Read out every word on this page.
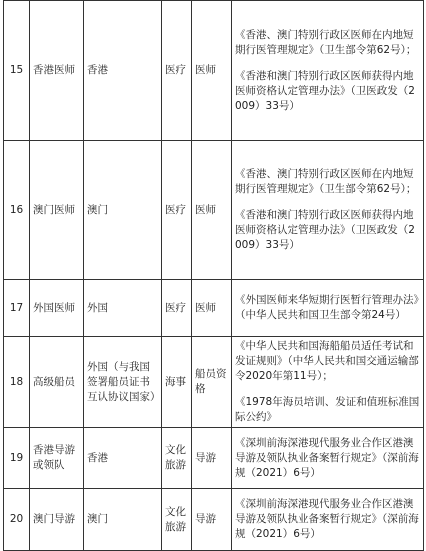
15	香港医师	香港	医疗	医师	《香港、澳门特别行政区医师在内地短期行医管理规定》（卫生部令第62号）；

《香港和澳门特别行政区医师获得内地医师资格认定管理办法》（卫医政发（2009）33号）

16	澳门医师	澳门	医疗	医师	《香港、澳门特别行政区医师在内地短期行医管理规定》（卫生部令第62号）；

《香港和澳门特别行政区医师获得内地医师资格认定管理办法》（卫医政发（2009）33号）

17	外国医师	外国	医疗	医师	《外国医师来华短期行医暂行管理办法》（中华人民共和国卫生部令第24号）

18	高级船员	外国（与我国签署船员证书互认协议国家）	海事	船员资格	《中华人民共和国海船船员适任考试和发证规则》（中华人民共和国交通运输部令2020年第11号）；

《1978年海员培训、发证和值班标准国际公约》

19	香港导游或领队	香港	文化旅游	导游	《深圳前海深港现代服务业合作区港澳导游及领队执业备案暂行规定》（深前海规（2021）6号）

20	澳门导游	澳门	文化旅游	导游	《深圳前海深港现代服务业合作区港澳导游及领队执业备案暂行规定》（深前海规（2021）6号）
